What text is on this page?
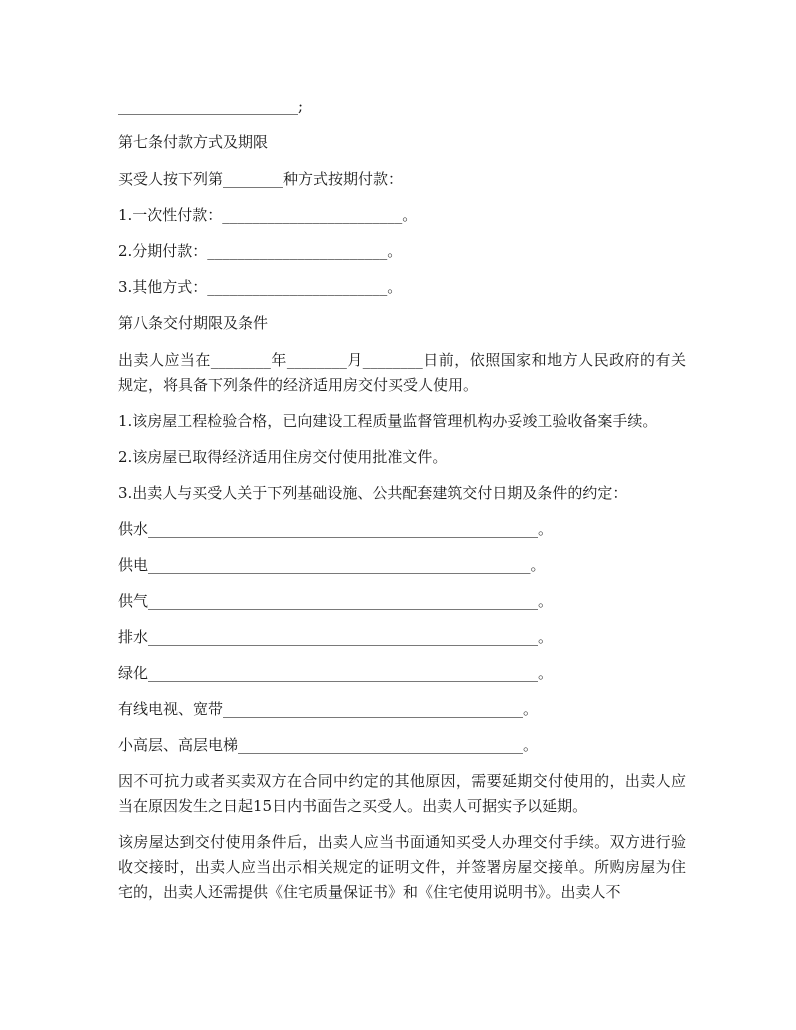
________________________;

第七条付款方式及期限

买受人按下列第________种方式按期付款：

1.一次性付款：________________________。

2.分期付款：________________________。

3.其他方式：________________________。

第八条交付期限及条件

出卖人应当在________年________月________日前，依照国家和地方人民政府的有关规定，将具备下列条件的经济适用房交付买受人使用。

1.该房屋工程检验合格，已向建设工程质量监督管理机构办妥竣工验收备案手续。

2.该房屋已取得经济适用住房交付使用批准文件。

3.出卖人与买受人关于下列基础设施、公共配套建筑交付日期及条件的约定：

供水____________________________________________________。

供电___________________________________________________。

供气____________________________________________________。

排水____________________________________________________。

绿化____________________________________________________。

有线电视、宽带________________________________________。

小高层、高层电梯______________________________________。

因不可抗力或者买卖双方在合同中约定的其他原因，需要延期交付使用的，出卖人应当在原因发生之日起15日内书面告之买受人。出卖人可据实予以延期。

该房屋达到交付使用条件后，出卖人应当书面通知买受人办理交付手续。双方进行验收交接时，出卖人应当出示相关规定的证明文件，并签署房屋交接单。所购房屋为住宅的，出卖人还需提供《住宅质量保证书》和《住宅使用说明书》。出卖人不
